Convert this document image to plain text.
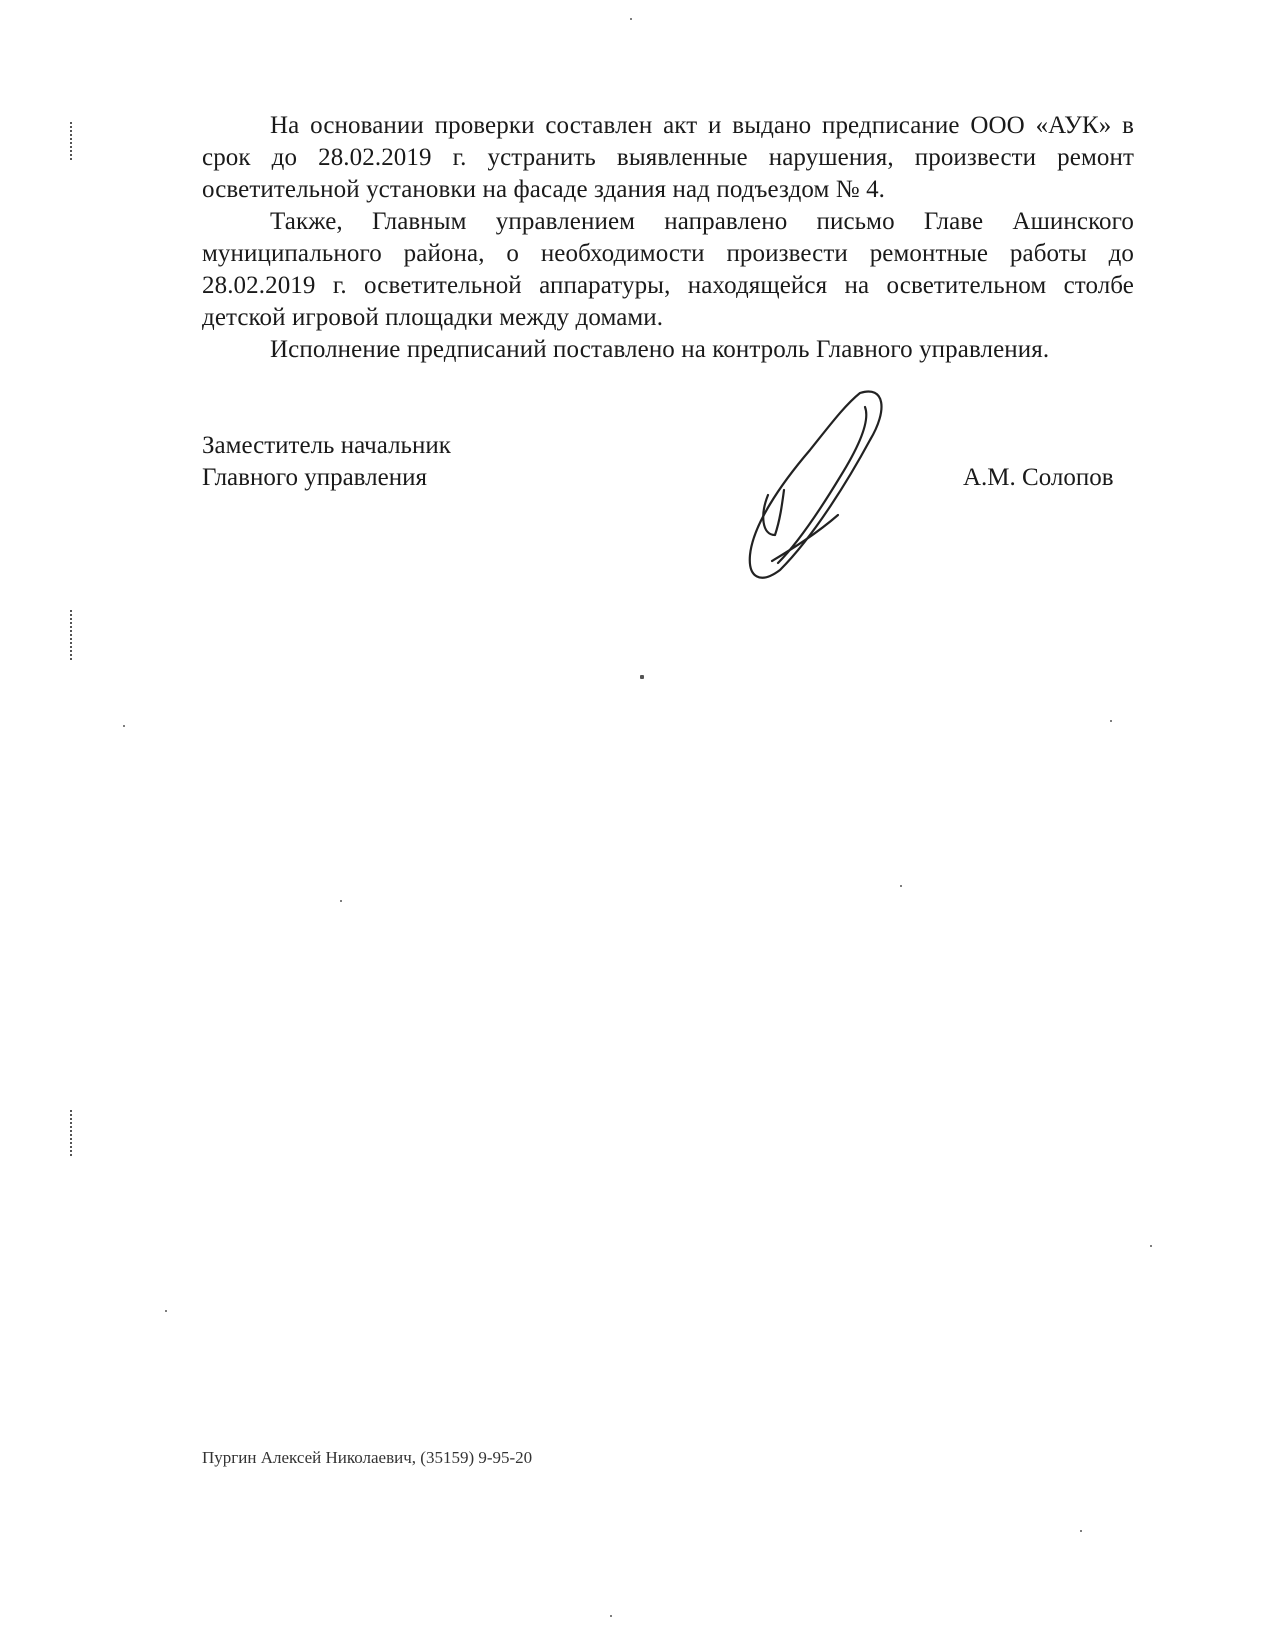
На основании проверки составлен акт и выдано предписание ООО «АУК» в срок до 28.02.2019 г. устранить выявленные нарушения, произвести ремонт осветительной установки на фасаде здания над подъездом № 4.

Также, Главным управлением направлено письмо Главе Ашинского муниципального района, о необходимости произвести ремонтные работы до 28.02.2019 г. осветительной аппаратуры, находящейся на осветительном столбе детской игровой площадки между домами.

Исполнение предписаний поставлено на контроль Главного управления.

Заместитель начальник
Главного управления	А.М. Солопов
Пургин Алексей Николаевич, (35159) 9-95-20
